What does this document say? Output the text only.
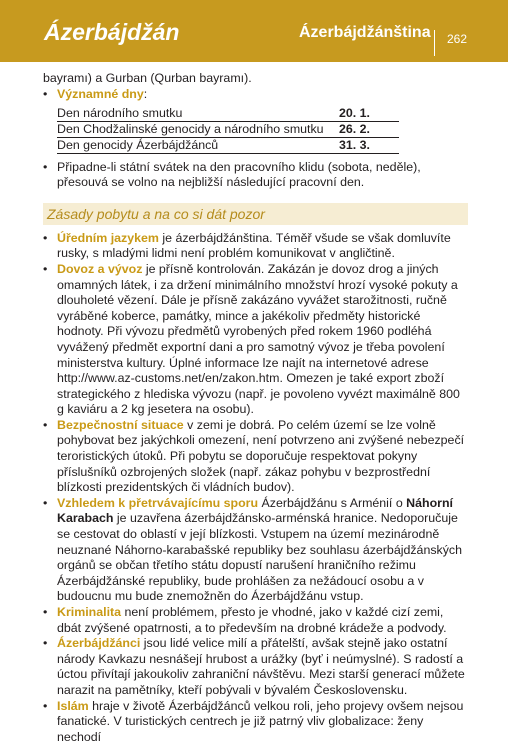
Ázerbájdžán	Ázerbájdžánština 262

bayramı) a Gurban (Qurban bayramı).

• Významné dny:
Den národního smutku	20. 1.
Den Chodžalinské genocidy a národního smutku	26. 2.
Den genocidy Ázerbájdžánců	31. 3.
• Připadne-li státní svátek na den pracovního klidu (sobota, neděle), přesouvá se volno na nejbližší následující pracovní den.
Zásady pobytu a na co si dát pozor
• Úředním jazykem je ázerbájdžánština. Téměř všude se však domluvíte rusky, s mladými lidmi není problém komunikovat v angličtině.
• Dovoz a vývoz je přísně kontrolován. Zakázán je dovoz drog a jiných omamných látek, i za držení minimálního množství hrozí vysoké pokuty a dlouholeté vězení. Dále je přísně zakázáno vyvážet starožitnosti, ručně vyráběné koberce, památky, mince a jakékoliv předměty historické hodnoty. Při vývozu předmětů vyrobených před rokem 1960 podléhá vyvážený předmět exportní dani a pro samotný vývoz je třeba povolení ministerstva kultury. Úplné informace lze najít na internetové adrese http://www.az-customs.net/en/zakon.htm. Omezen je také export zboží strategického z hlediska vývozu (např. je povoleno vyvézt maximálně 800 g kaviáru a 2 kg jesetera na osobu).
• Bezpečnostní situace v zemi je dobrá. Po celém území se lze volně pohybovat bez jakýchkoli omezení, není potvrzeno ani zvýšené nebezpečí teroristických útoků. Při pobytu se doporučuje respektovat pokyny příslušníků ozbrojených složek (např. zákaz pohybu v bezprostřední blízkosti prezidentských či vládních budov).
• Vzhledem k přetrvávajícímu sporu Ázerbájdžánu s Arménií o Náhorní Karabach je uzavřena ázerbájdžánsko-arménská hranice. Nedoporučuje se cestovat do oblastí v její blízkosti. Vstupem na území mezinárodně neuznané Náhorno-karabašské republiky bez souhlasu ázerbájdžánských orgánů se občan třetího státu dopustí narušení hraničního režimu Ázerbájdžánské republiky, bude prohlášen za nežádoucí osobu a v budoucnu mu bude znemožněn do Ázerbájdžánu vstup.
• Kriminalita není problémem, přesto je vhodné, jako v každé cizí zemi, dbát zvýšené opatrnosti, a to především na drobné krádeže a podvody.
• Ázerbájdžánci jsou lidé velice milí a přátelští, avšak stejně jako ostatní národy Kavkazu nesnášejí hrubost a urážky (byť i neúmyslné). S radostí a úctou přivítají jakoukoliv zahraniční návštěvu. Mezi starší generací můžete narazit na pamětníky, kteří pobývali v bývalém Československu.
• Islám hraje v životě Ázerbájdžánců velkou roli, jeho projevy ovšem nejsou fanatické. V turistických centrech je již patrný vliv globalizace: ženy nechodí
